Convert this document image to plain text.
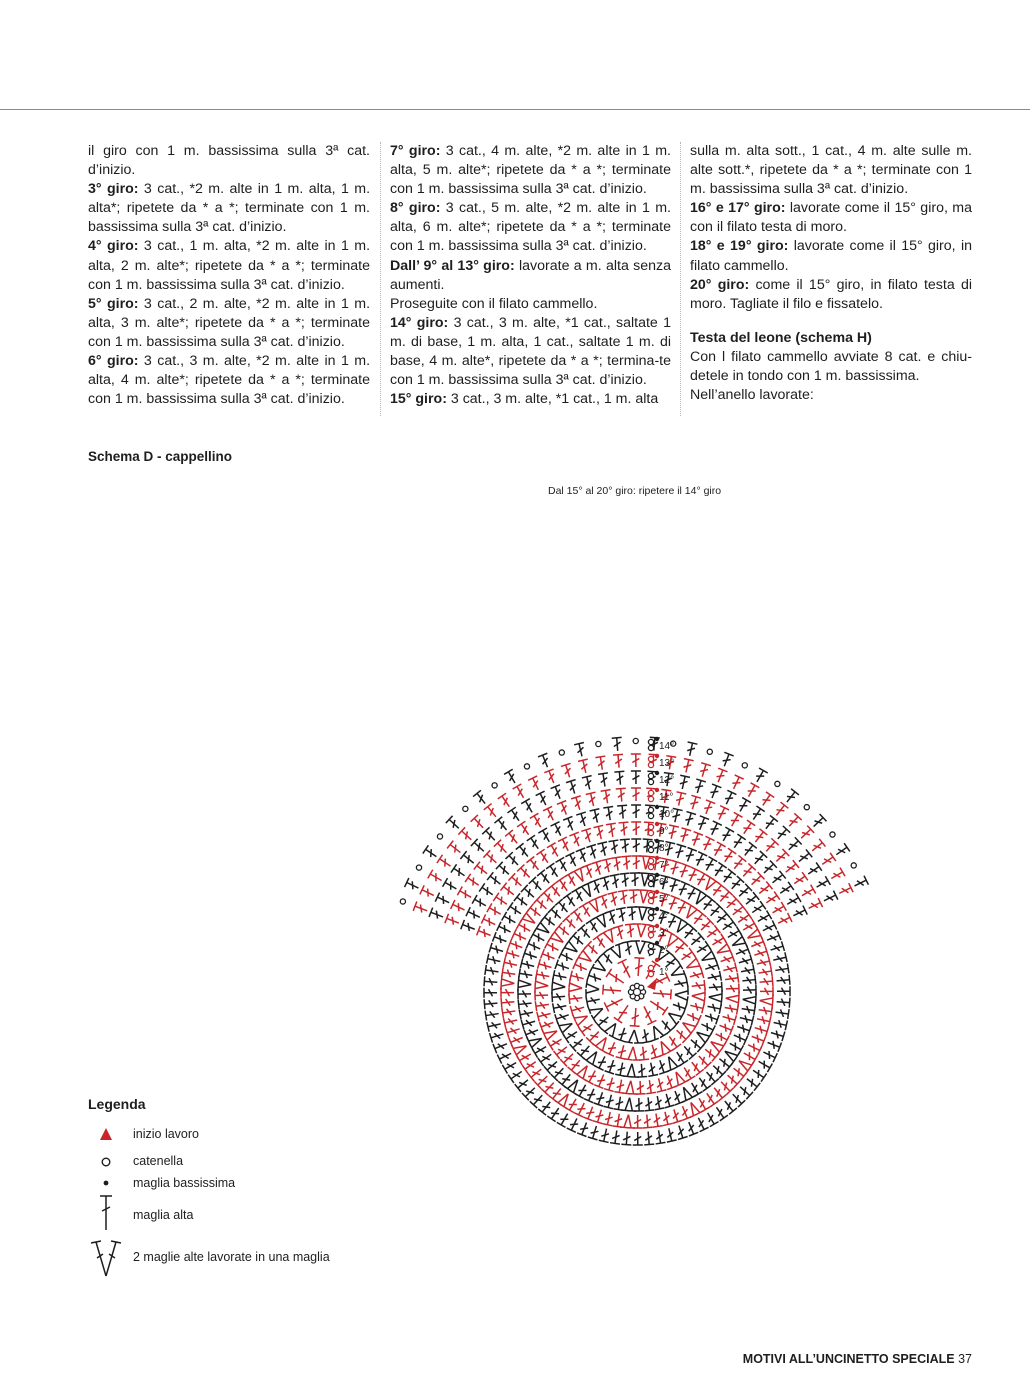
il giro con 1 m. bassissima sulla 3ª cat. d’inizio.

3° giro: 3 cat., *2 m. alte in 1 m. alta, 1 m. alta*; ripetete da * a *; terminate con 1 m. bassissima sulla 3ª cat. d’inizio.

4° giro: 3 cat., 1 m. alta, *2 m. alte in 1 m. alta, 2 m. alte*; ripetete da * a *; terminate con 1 m. bassissima sulla 3ª cat. d’inizio.

5° giro: 3 cat., 2 m. alte, *2 m. alte in 1 m. alta, 3 m. alte*; ripetete da * a *; terminate con 1 m. bassissima sulla 3ª cat. d’inizio.

6° giro: 3 cat., 3 m. alte, *2 m. alte in 1 m. alta, 4 m. alte*; ripetete da * a *; terminate con 1 m. bassissima sulla 3ª cat. d’inizio.

7° giro: 3 cat., 4 m. alte, *2 m. alte in 1 m. alta, 5 m. alte*; ripetete da * a *; terminate con 1 m. bassissima sulla 3ª cat. d’inizio.

8° giro: 3 cat., 5 m. alte, *2 m. alte in 1 m. alta, 6 m. alte*; ripetete da * a *; terminate con 1 m. bassissima sulla 3ª cat. d’inizio.

Dall’ 9° al 13° giro: lavorate a m. alta senza aumenti.

Proseguite con il filato cammello.

14° giro: 3 cat., 3 m. alte, *1 cat., saltate 1 m. di base, 1 m. alta, 1 cat., saltate 1 m. di base, 4 m. alte*, ripetete da * a *; termina-te con 1 m. bassissima sulla 3ª cat. d’inizio.

15° giro: 3 cat., 3 m. alte, *1 cat., 1 m. alta

sulla m. alta sott., 1 cat., 4 m. alte sulle m. alte sott.*, ripetete da * a *; terminate con 1 m. bassissima sulla 3ª cat. d’inizio.

16° e 17° giro: lavorate come il 15° giro, ma con il filato testa di moro.

18° e 19° giro: lavorate come il 15° giro, in filato cammello.

20° giro: come il 15° giro, in filato testa di moro. Tagliate il filo e fissatelo.

Testa del leone (schema H)

Con l filato cammello avviate 8 cat. e chiu-detele in tondo con 1 m. bassissima.

Nell’anello lavorate:

Schema D - cappellino
1°
2°
3°
4°
5°
6°
7°
8°
9°
10°
11°
12°
13°
14°
Dal 15° al 20° giro: ripetere il 14° giro
Legenda
inizio lavoro
catenella
maglia bassissima
maglia alta
2 maglie alte lavorate in una maglia
MOTIVI ALL’UNCINETTO SPECIALE 37
